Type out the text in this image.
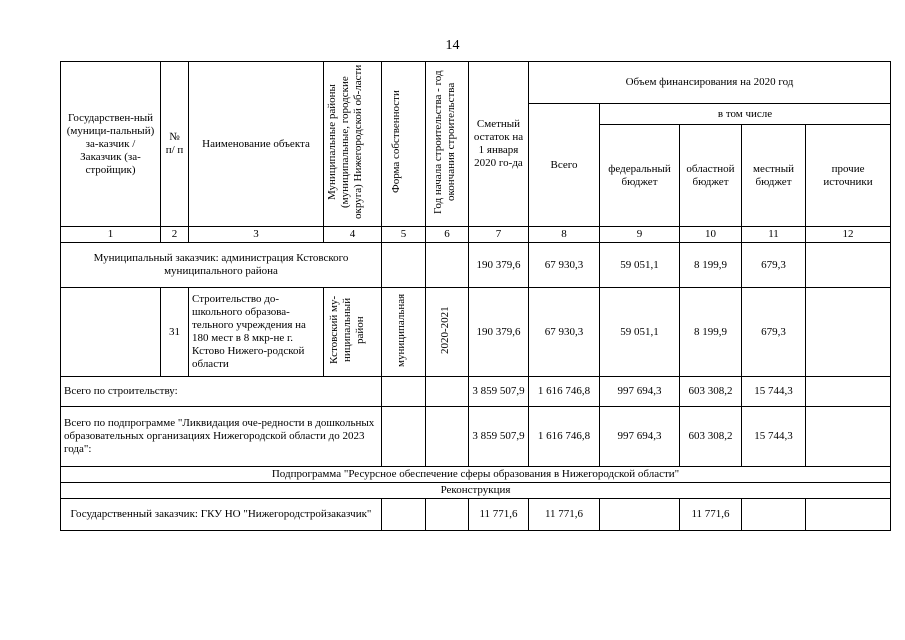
14
Государствен-ный (муници-пальный) за-казчик / Заказчик (за-стройщик)	№ п/ п	Наименование объекта	Муниципальные районы (муниципальные, городские округа) Нижегородской об-ласти	Форма собственности	Год начала строительства - год окончания строительства	Сметный остаток на 1 января 2020 го-да	Объем финансирования на 2020 год				
							Всего	в том числе			
								федеральный бюджет	областной бюджет	местный бюджет	прочие источники
1	2	3	4	5	6	7	8	9	10	11	12
Муниципальный заказчик: администрация Кстовского муниципального района						190 379,6	67 930,3	59 051,1	8 199,9	679,3	
	31	Строительство до-школьного образова-тельного учреждения на 180 мест в 8 мкр-не г. Кстово Нижего-родской области	Кстовский му-ниципальный район	муниципальная	2020-2021	190 379,6	67 930,3	59 051,1	8 199,9	679,3	
Всего по строительству:						3 859 507,9	1 616 746,8	997 694,3	603 308,2	15 744,3	
Всего по подпрограмме "Ликвидация оче-редности в дошкольных образовательных организациях Нижегородской области до 2023 года":						3 859 507,9	1 616 746,8	997 694,3	603 308,2	15 744,3	
Подпрограмма "Ресурсное обеспечение сферы образования в Нижегородской области"											
Реконструкция											
Государственный заказчик: ГКУ НО "Нижегородстройзаказчик"						11 771,6	11 771,6		11 771,6		
